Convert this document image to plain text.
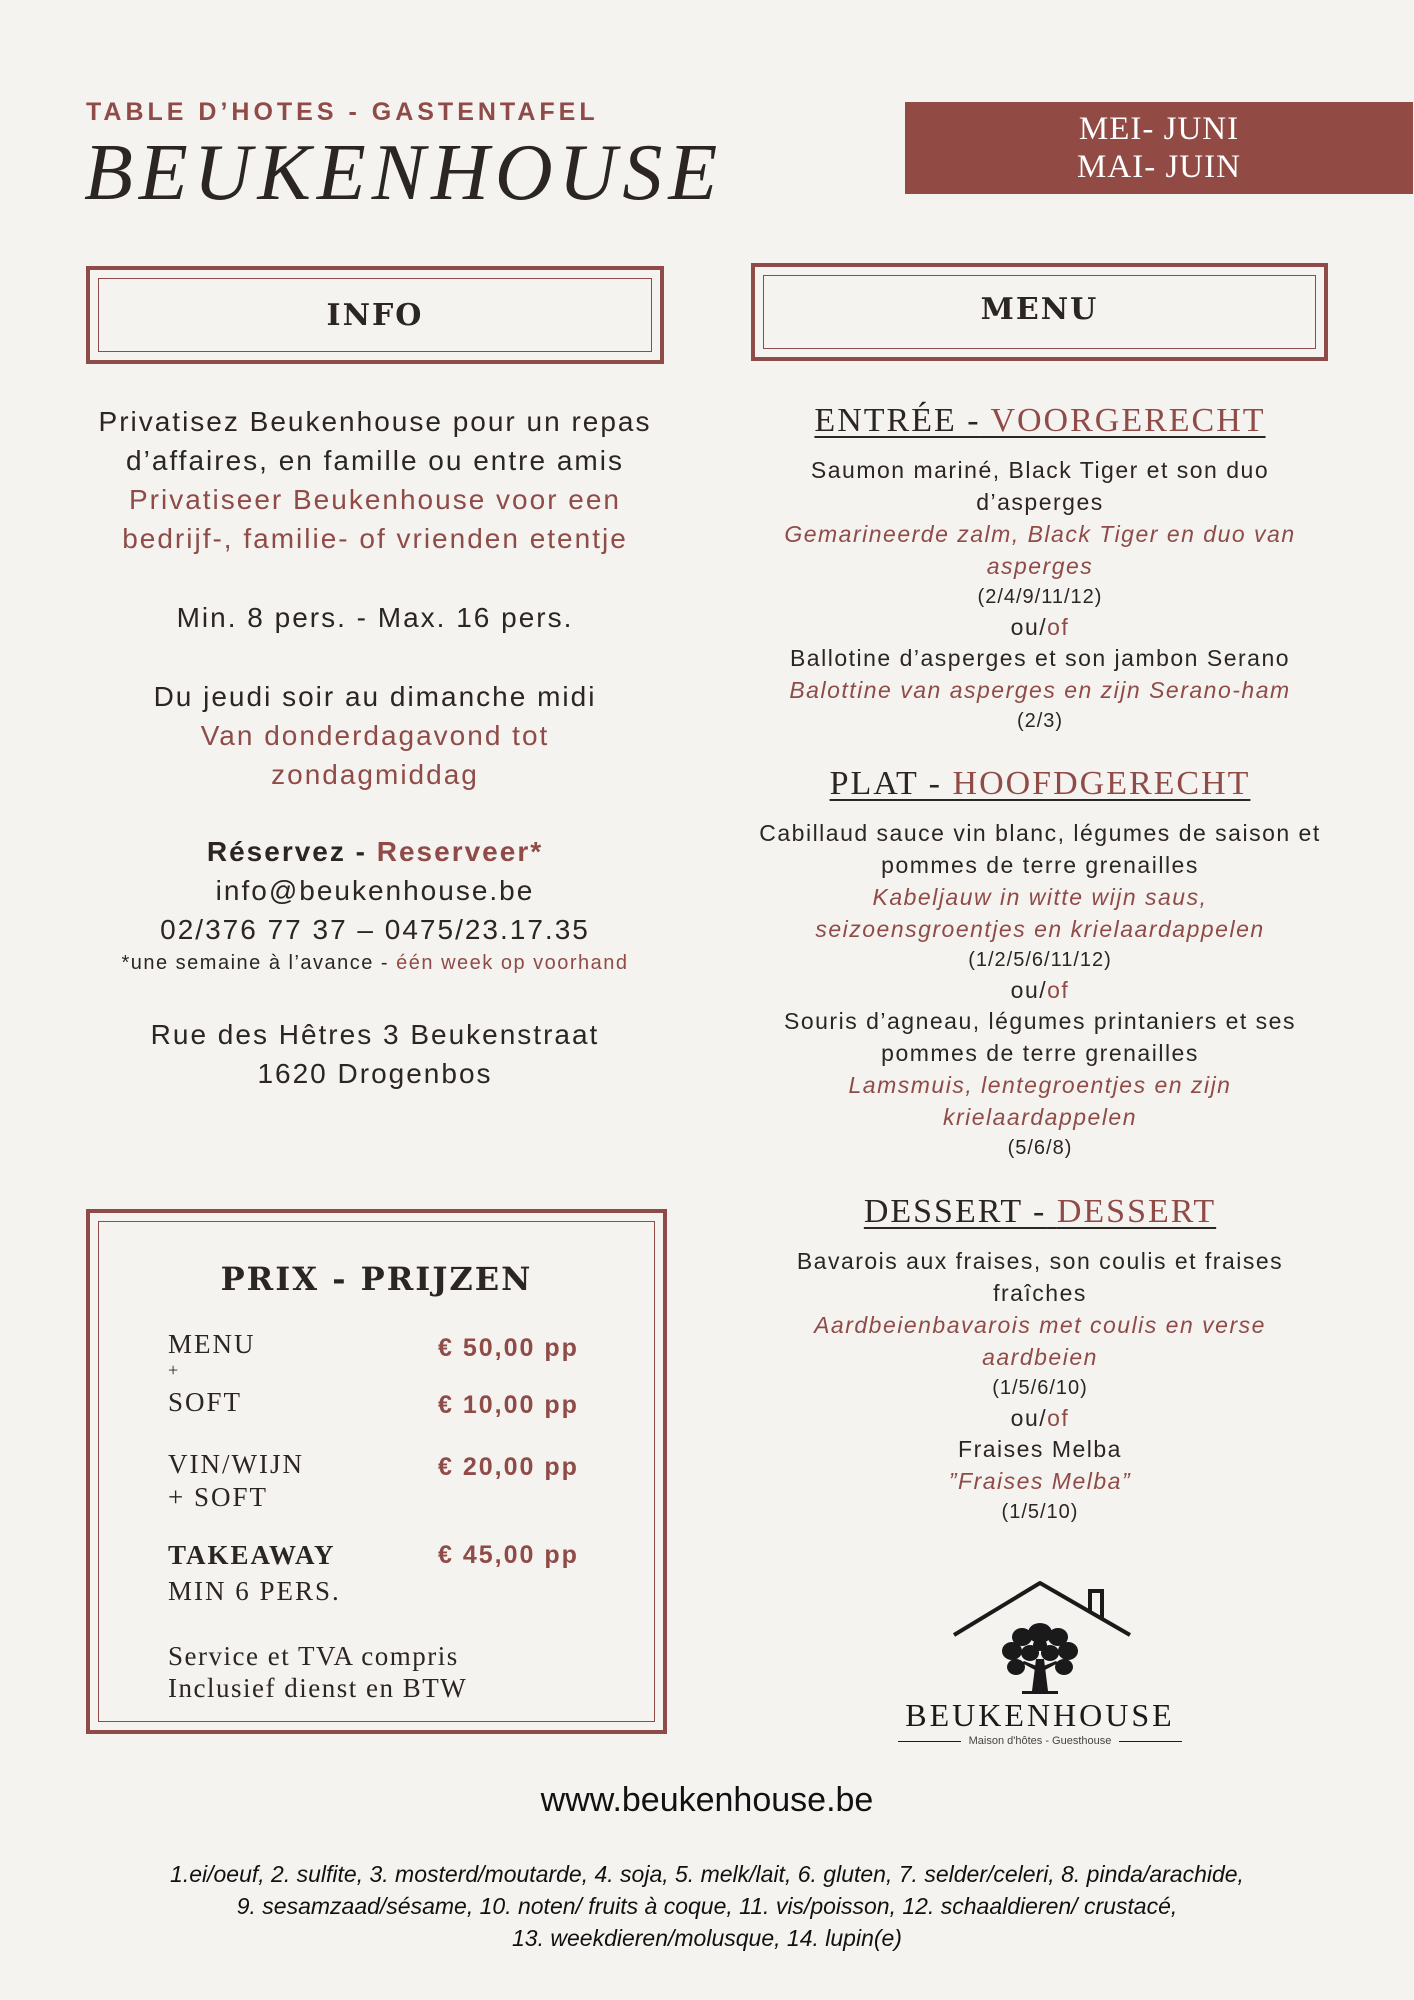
TABLE D’HOTES - GASTENTAFEL
BEUKENHOUSE	MEI- JUNI
MAI- JUIN
INFO
Privatisez Beukenhouse pour un repas d’affaires, en famille ou entre amis
Privatiseer Beukenhouse voor een bedrijf-, familie- of vrienden etentje
Min. 8 pers. - Max. 16 pers.
Du jeudi soir au dimanche midi
Van donderdagavond tot zondagmiddag
Réservez - Reserveer*
info@beukenhouse.be
02/376 77 37 – 0475/23.17.35
*une semaine à l’avance - één week op voorhand
Rue des Hêtres 3 Beukenstraat
1620 Drogenbos
PRIX - PRIJZEN
MENU
+
SOFT
€ 50,00 pp
€ 10,00 pp
VIN/WIJN
+ SOFT
€ 20,00 pp
TAKEAWAY
MIN 6 PERS.
€ 45,00 pp
Service et TVA compris
Inclusief dienst en BTW
MENU
ENTRÉE - VOORGERECHT
Saumon mariné, Black Tiger et son duo d’asperges
Gemarineerde zalm, Black Tiger en duo van asperges
(2/4/9/11/12)
ou/of
Ballotine d’asperges et son jambon Serano
Balottine van asperges en zijn Serano-ham
(2/3)
PLAT - HOOFDGERECHT
Cabillaud sauce vin blanc, légumes de saison et pommes de terre grenailles
Kabeljauw in witte wijn saus, seizoensgroentjes en krielaardappelen
(1/2/5/6/11/12)
ou/of
Souris d’agneau, légumes printaniers et ses pommes de terre grenailles
Lamsmuis, lentegroentjes en zijn krielaardappelen
(5/6/8)
DESSERT - DESSERT
Bavarois aux fraises, son coulis et fraises fraîches
Aardbeienbavarois met coulis en verse aardbeien
(1/5/6/10)
ou/of
Fraises Melba
”Fraises Melba”
(1/5/10)
BEUKENHOUSE
Maison d'hôtes - Guesthouse
www.beukenhouse.be
1.ei/oeuf, 2. sulfite, 3. mosterd/moutarde, 4. soja, 5. melk/lait, 6. gluten, 7. selder/celeri, 8. pinda/arachide,
9. sesamzaad/sésame, 10. noten/ fruits à coque, 11. vis/poisson, 12. schaaldieren/ crustacé,
13. weekdieren/molusque, 14. lupin(e)
